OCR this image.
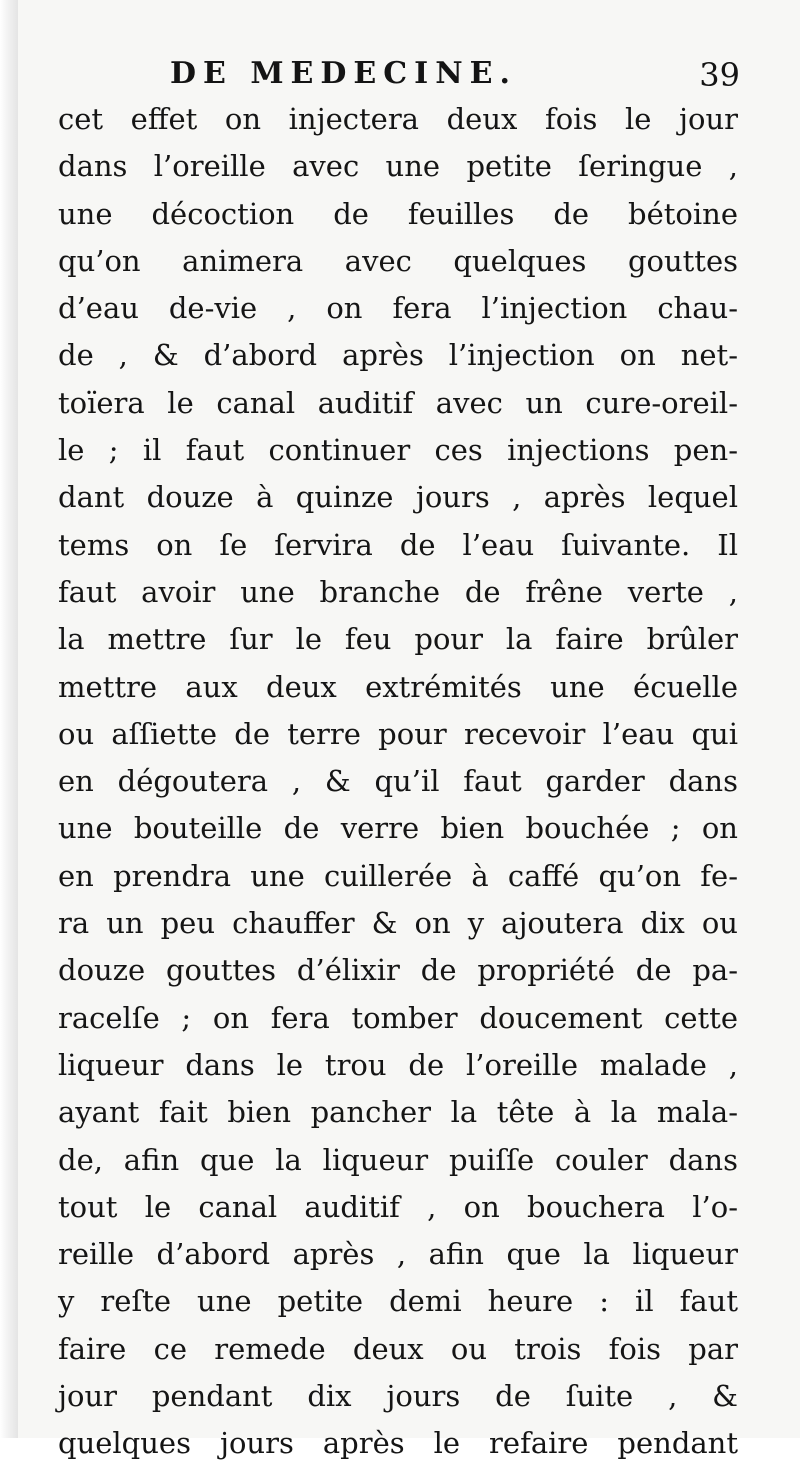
DE MEDECINE.	39
cet effet on injectera deux fois le jour
dans l’oreille avec une petite ſeringue ,
une décoction de feuilles de bétoine
qu’on animera avec quelques gouttes
d’eau de-vie , on fera l’injection chau-
de , & d’abord après l’injection on net-
toïera le canal auditif avec un cure-oreil-
le ; il faut continuer ces injections pen-
dant douze à quinze jours , après lequel
tems on ſe ſervira de l’eau ſuivante. Il
faut avoir une branche de frêne verte ,
la mettre ſur le feu pour la faire brûler
mettre aux deux extrémités une écuelle
ou aſſiette de terre pour recevoir l’eau qui
en dégoutera , & qu’il faut garder dans
une bouteille de verre bien bouchée ; on
en prendra une cuillerée à caffé qu’on fe-
ra un peu chauffer & on y ajoutera dix ou
douze gouttes d’élixir de propriété de pa-
racelſe ; on fera tomber doucement cette
liqueur dans le trou de l’oreille malade ,
ayant fait bien pancher la tête à la mala-
de, afin que la liqueur puiſſe couler dans
tout le canal auditif , on bouchera l’o-
reille d’abord après , afin que la liqueur
y reſte une petite demi heure : il faut
faire ce remede deux ou trois fois par
jour pendant dix jours de ſuite , &
quelques jours après le refaire pendant
